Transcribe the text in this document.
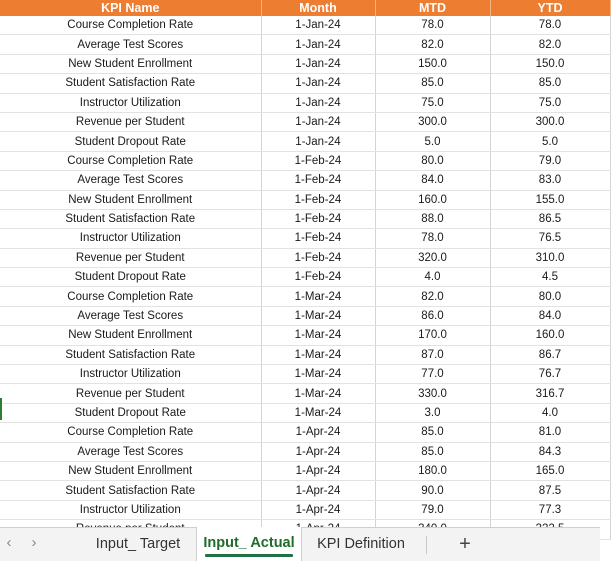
KPI Name	Month	MTD	YTD
Course Completion Rate	1-Jan-24	78.0	78.0
Average Test Scores	1-Jan-24	82.0	82.0
New Student Enrollment	1-Jan-24	150.0	150.0
Student Satisfaction Rate	1-Jan-24	85.0	85.0
Instructor Utilization	1-Jan-24	75.0	75.0
Revenue per Student	1-Jan-24	300.0	300.0
Student Dropout Rate	1-Jan-24	5.0	5.0
Course Completion Rate	1-Feb-24	80.0	79.0
Average Test Scores	1-Feb-24	84.0	83.0
New Student Enrollment	1-Feb-24	160.0	155.0
Student Satisfaction Rate	1-Feb-24	88.0	86.5
Instructor Utilization	1-Feb-24	78.0	76.5
Revenue per Student	1-Feb-24	320.0	310.0
Student Dropout Rate	1-Feb-24	4.0	4.5
Course Completion Rate	1-Mar-24	82.0	80.0
Average Test Scores	1-Mar-24	86.0	84.0
New Student Enrollment	1-Mar-24	170.0	160.0
Student Satisfaction Rate	1-Mar-24	87.0	86.7
Instructor Utilization	1-Mar-24	77.0	76.7
Revenue per Student	1-Mar-24	330.0	316.7
Student Dropout Rate	1-Mar-24	3.0	4.0
Course Completion Rate	1-Apr-24	85.0	81.0
Average Test Scores	1-Apr-24	85.0	84.3
New Student Enrollment	1-Apr-24	180.0	165.0
Student Satisfaction Rate	1-Apr-24	90.0	87.5
Instructor Utilization	1-Apr-24	79.0	77.3

‹	›	Input_ Target	Input_ Actual	KPI Definition	+
